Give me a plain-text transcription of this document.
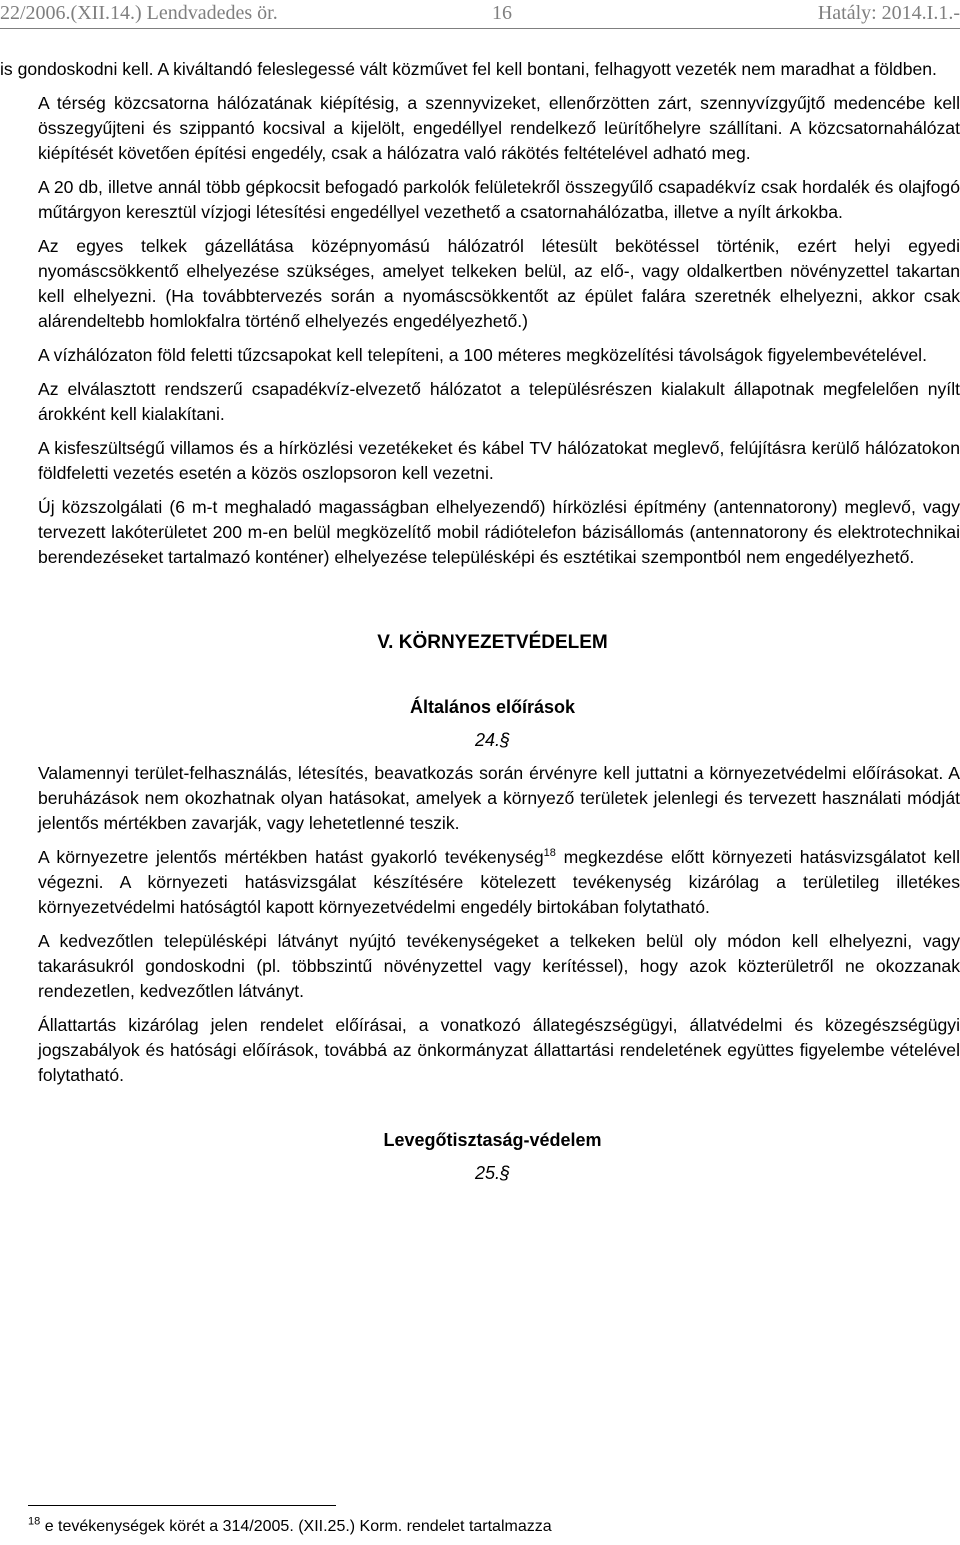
22/2006.(XII.14.) Lendvadedes ör.	16	Hatály: 2014.I.1.-

is gondoskodni kell. A kiváltandó feleslegessé vált közművet fel kell bontani, felhagyott vezeték nem maradhat a földben.

A térség közcsatorna hálózatának kiépítésig, a szennyvizeket, ellenőrzötten zárt, szennyvízgyűjtő medencébe kell összegyűjteni és szippantó kocsival a kijelölt, engedéllyel rendelkező leürítőhelyre szállítani. A közcsatornahálózat kiépítését követően építési engedély, csak a hálózatra való rákötés feltételével adható meg.

A 20 db, illetve annál több gépkocsit befogadó parkolók felületekről összegyűlő csapadékvíz csak hordalék és olajfogó műtárgyon keresztül vízjogi létesítési engedéllyel vezethető a csatornahálózatba, illetve a nyílt árkokba.

Az egyes telkek gázellátása középnyomású hálózatról létesült bekötéssel történik, ezért helyi egyedi nyomáscsökkentő elhelyezése szükséges, amelyet telkeken belül, az elő-, vagy oldalkertben növényzettel takartan kell elhelyezni. (Ha továbbtervezés során a nyomáscsökkentőt az épület falára szeretnék elhelyezni, akkor csak alárendeltebb homlokfalra történő elhelyezés engedélyezhető.)

A vízhálózaton föld feletti tűzcsapokat kell telepíteni, a 100 méteres megközelítési távolságok figyelembevételével.

Az elválasztott rendszerű csapadékvíz-elvezető hálózatot a településrészen kialakult állapotnak megfelelően nyílt árokként kell kialakítani.

A kisfeszültségű villamos és a hírközlési vezetékeket és kábel TV hálózatokat meglevő, felújításra kerülő hálózatokon földfeletti vezetés esetén a közös oszlopsoron kell vezetni.

Új közszolgálati (6 m-t meghaladó magasságban elhelyezendő) hírközlési építmény (antennatorony) meglevő, vagy tervezett lakóterületet 200 m-en belül megközelítő mobil rádiótelefon bázisállomás (antennatorony és elektrotechnikai berendezéseket tartalmazó konténer) elhelyezése településképi és esztétikai szempontból nem engedélyezhető.

V. KÖRNYEZETVÉDELEM
Általános előírások
24.§

Valamennyi terület-felhasználás, létesítés, beavatkozás során érvényre kell juttatni a környezetvédelmi előírásokat. A beruházások nem okozhatnak olyan hatásokat, amelyek a környező területek jelenlegi és tervezett használati módját jelentős mértékben zavarják, vagy lehetetlenné teszik.

A környezetre jelentős mértékben hatást gyakorló tevékenység$^{18}$ megkezdése előtt környezeti hatásvizsgálatot kell végezni. A környezeti hatásvizsgálat készítésére kötelezett tevékenység kizárólag a területileg illetékes környezetvédelmi hatóságtól kapott környezetvédelmi engedély birtokában folytatható.

A kedvezőtlen településképi látványt nyújtó tevékenységeket a telkeken belül oly módon kell elhelyezni, vagy takarásukról gondoskodni (pl. többszintű növényzettel vagy kerítéssel), hogy azok közterületről ne okozzanak rendezetlen, kedvezőtlen látványt.

Állattartás kizárólag jelen rendelet előírásai, a vonatkozó állategészségügyi, állatvédelmi és közegészségügyi jogszabályok és hatósági előírások, továbbá az önkormányzat állattartási rendeletének együttes figyelembe vételével folytatható.

Levegőtisztaság-védelem
25.§
$^{18}$ e tevékenységek körét a 314/2005. (XII.25.) Korm. rendelet tartalmazza
